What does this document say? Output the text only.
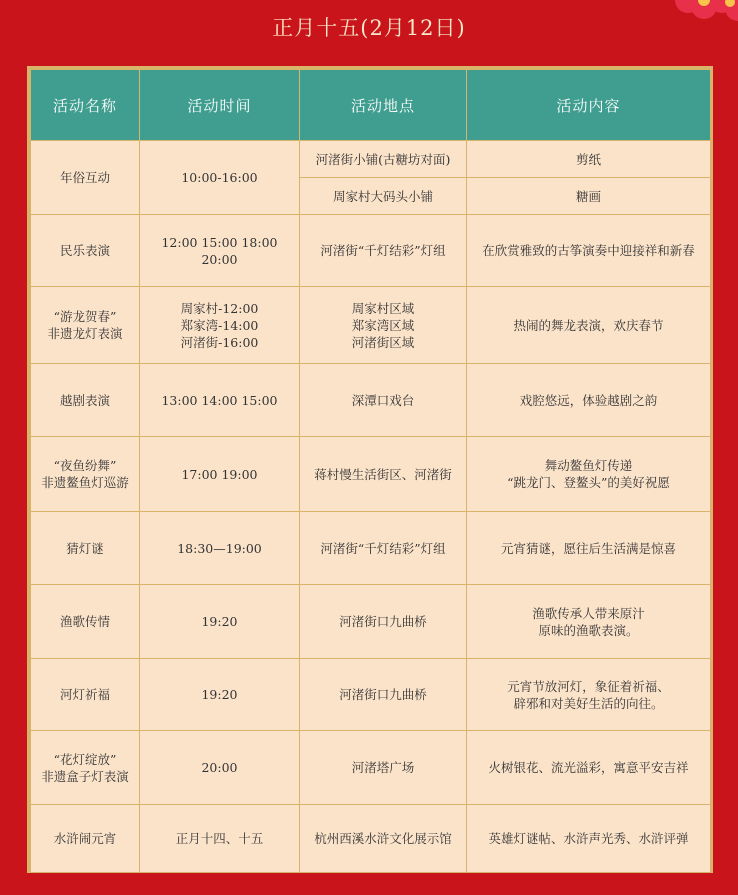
正月十五(2月12日)
活动名称	活动时间	活动地点	活动内容

年俗互动	10:00-16:00	河渚街小铺(古糖坊对面)	剪纸

		周家村大码头小铺	糖画

民乐表演	12:00 15:00 18:00 20:00	河渚街“千灯结彩”灯组	在欣赏雅致的古筝演奏中迎接祥和新春

“游龙贺春”
非遗龙灯表演	周家村-12:00
郑家湾-14:00
河渚街-16:00	周家村区域
郑家湾区域
河渚街区域	热闹的舞龙表演，欢庆春节

越剧表演	13:00 14:00 15:00	深潭口戏台	戏腔悠远，体验越剧之韵

“夜鱼纷舞”
非遗鳌鱼灯巡游	17:00 19:00	蒋村慢生活街区、河渚街	舞动鳌鱼灯传递
“跳龙门、登鳌头”的美好祝愿

猜灯谜	18:30—19:00	河渚街“千灯结彩”灯组	元宵猜谜，愿往后生活满是惊喜

渔歌传情	19:20	河渚街口九曲桥	渔歌传承人带来原汁
原味的渔歌表演。

河灯祈福	19:20	河渚街口九曲桥	元宵节放河灯，象征着祈福、
辟邪和对美好生活的向往。

“花灯绽放”
非遗盒子灯表演	20:00	河渚塔广场	火树银花、流光溢彩，寓意平安吉祥

水浒闹元宵	正月十四、十五	杭州西溪水浒文化展示馆	英雄灯谜帖、水浒声光秀、水浒评弹
